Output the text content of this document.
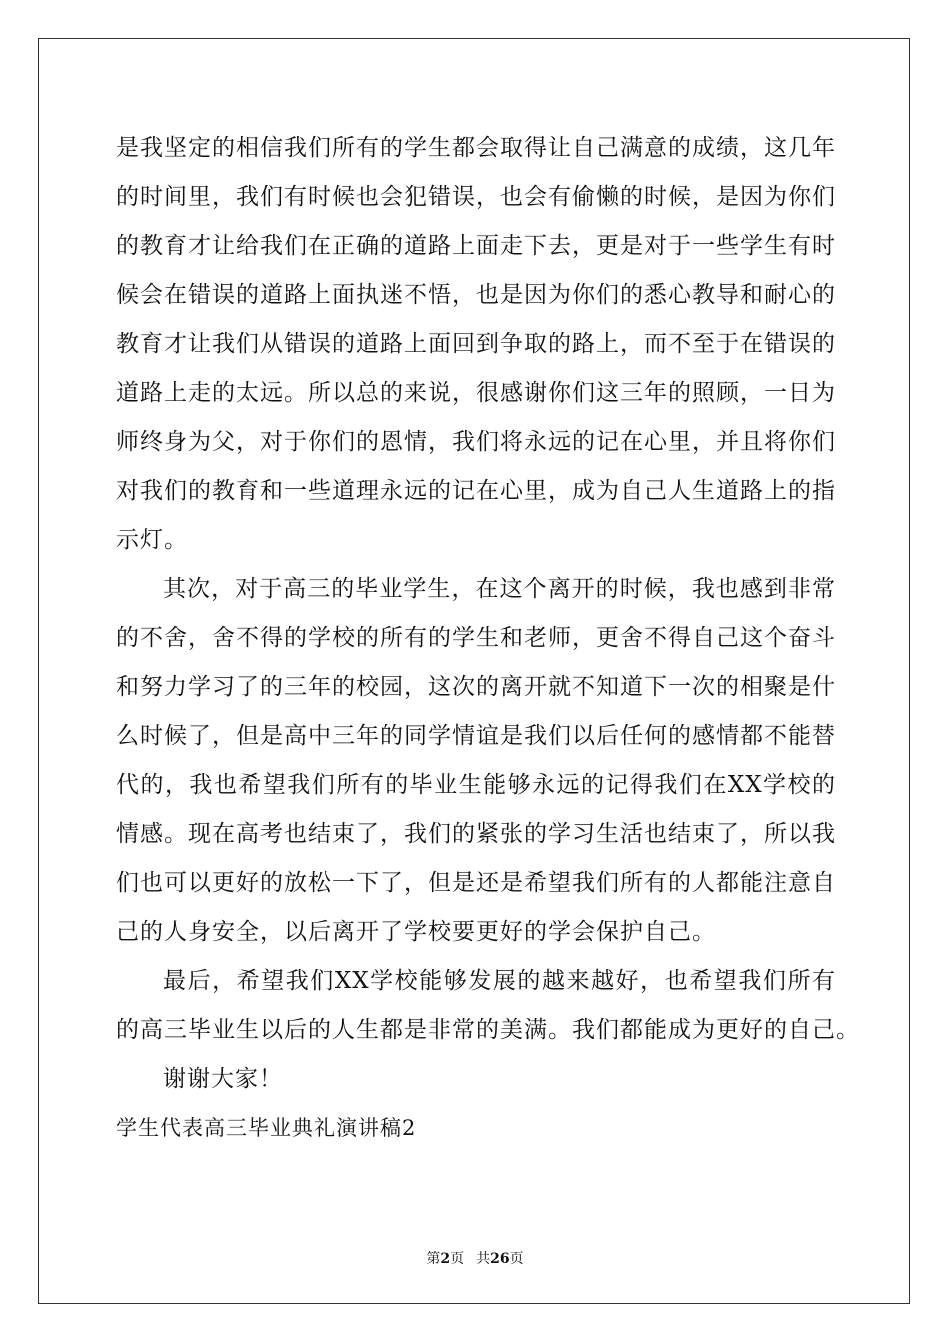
是我坚定的相信我们所有的学生都会取得让自己满意的成绩，这几年
的时间里，我们有时候也会犯错误，也会有偷懒的时候，是因为你们
的教育才让给我们在正确的道路上面走下去，更是对于一些学生有时
候会在错误的道路上面执迷不悟，也是因为你们的悉心教导和耐心的
教育才让我们从错误的道路上面回到争取的路上，而不至于在错误的
道路上走的太远。所以总的来说，很感谢你们这三年的照顾，一日为
师终身为父，对于你们的恩情，我们将永远的记在心里，并且将你们
对我们的教育和一些道理永远的记在心里，成为自己人生道路上的指
示灯。
其次，对于高三的毕业学生，在这个离开的时候，我也感到非常
的不舍，舍不得的学校的所有的学生和老师，更舍不得自己这个奋斗
和努力学习了的三年的校园，这次的离开就不知道下一次的相聚是什
么时候了，但是高中三年的同学情谊是我们以后任何的感情都不能替
代的，我也希望我们所有的毕业生能够永远的记得我们在XX学校的
情感。现在高考也结束了，我们的紧张的学习生活也结束了，所以我
们也可以更好的放松一下了，但是还是希望我们所有的人都能注意自
己的人身安全，以后离开了学校要更好的学会保护自己。
最后，希望我们XX学校能够发展的越来越好，也希望我们所有
的高三毕业生以后的人生都是非常的美满。我们都能成为更好的自己。
谢谢大家！
学生代表高三毕业典礼演讲稿2
第2页 共26页
